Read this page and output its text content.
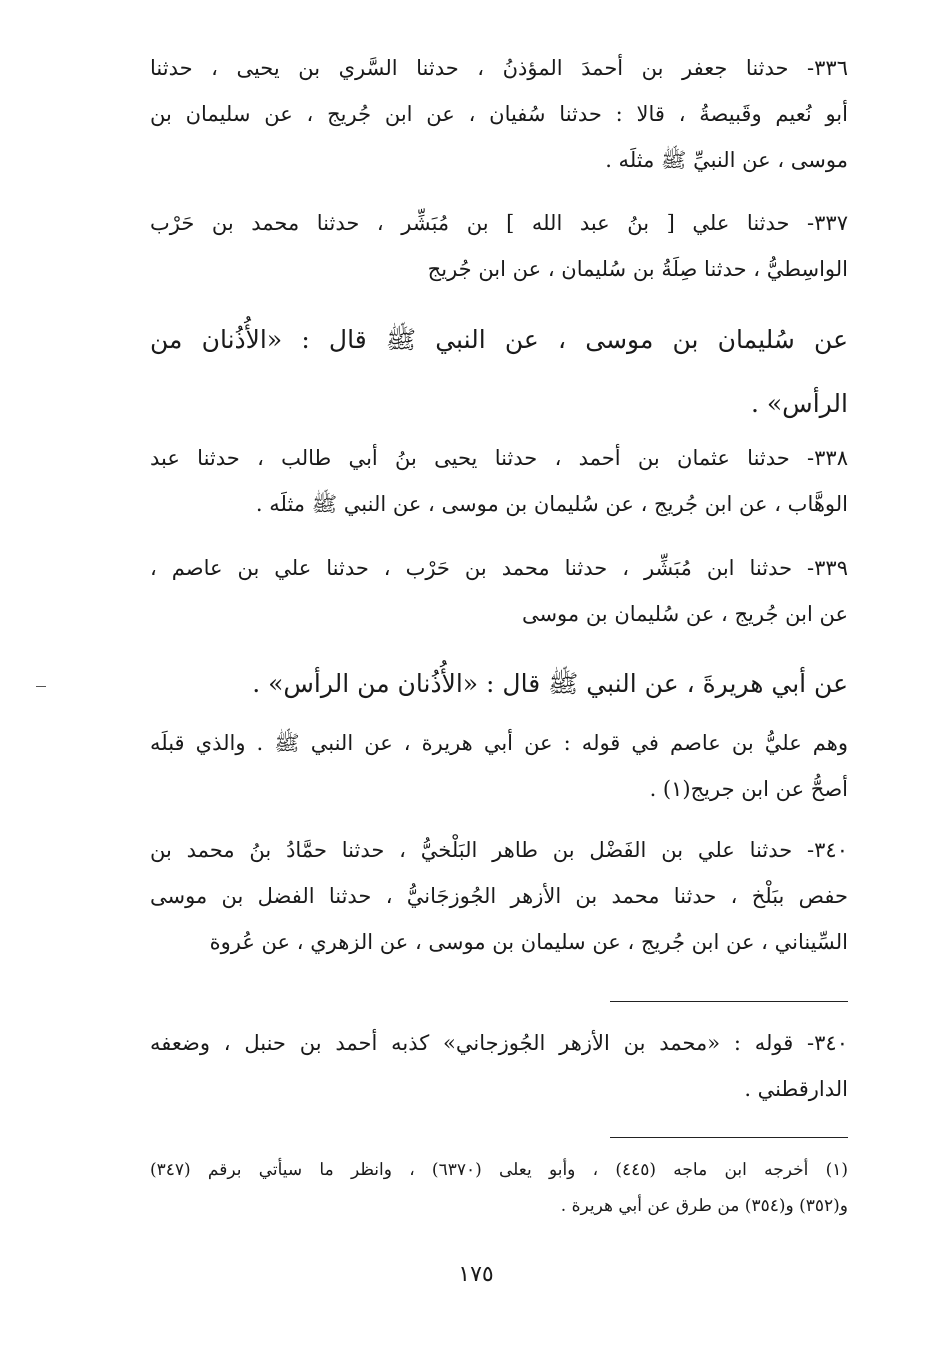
٣٣٦- حدثنا جعفر بن أحمدَ المؤذنُ ، حدثنا السَّري بن يحيى ، حدثنا
أبو نُعيم وقَبيصةُ ، قالا : حدثنا سُفيان ، عن ابن جُريج ، عن سليمان بن
موسى ، عن النبيِّ ﷺ مثلَه .
٣٣٧- حدثنا علي [ بنُ عبد الله ] بن مُبَشِّر ، حدثنا محمد بن حَرْب
الواسِطيُّ ، حدثنا صِلَةُ بن سُليمان ، عن ابن جُريج
عن سُليمان بن موسى ، عن النبي ﷺ قال : «الأُذُنان من
الرأس» .
٣٣٨- حدثنا عثمان بن أحمد ، حدثنا يحيى بنُ أبي طالب ، حدثنا عبد
الوهَّاب ، عن ابن جُريج ، عن سُليمان بن موسى ، عن النبي ﷺ مثلَه .
٣٣٩- حدثنا ابن مُبَشِّر ، حدثنا محمد بن حَرْب ، حدثنا علي بن عاصم ،
عن ابن جُريج ، عن سُليمان بن موسى
عن أبي هريرةَ ، عن النبي ﷺ قال : «الأُذُنان من الرأس» .
وهم عليُّ بن عاصم في قوله : عن أبي هريرة ، عن النبي ﷺ . والذي قبلَه
أصحُّ عن ابن جريج(١) .
٣٤٠- حدثنا علي بن الفَضْل بن طاهر البَلْخيُّ ، حدثنا حمَّادُ بنُ محمد بن
حفص ببَلْخ ، حدثنا محمد بن الأزهر الجُوزجَانيُّ ، حدثنا الفضل بن موسى
السِّيناني ، عن ابن جُريج ، عن سليمان بن موسى ، عن الزهري ، عن عُروة
٣٤٠- قوله : «محمد بن الأزهر الجُوزجاني» كذبه أحمد بن حنبل ، وضعفه
الدارقطني .
(١) أخرجه ابن ماجه (٤٤٥) ، وأبو يعلى (٦٣٧٠) ، وانظر ما سيأتي برقم (٣٤٧)
و(٣٥٢) و(٣٥٤) من طرق عن أبي هريرة .
١٧٥
